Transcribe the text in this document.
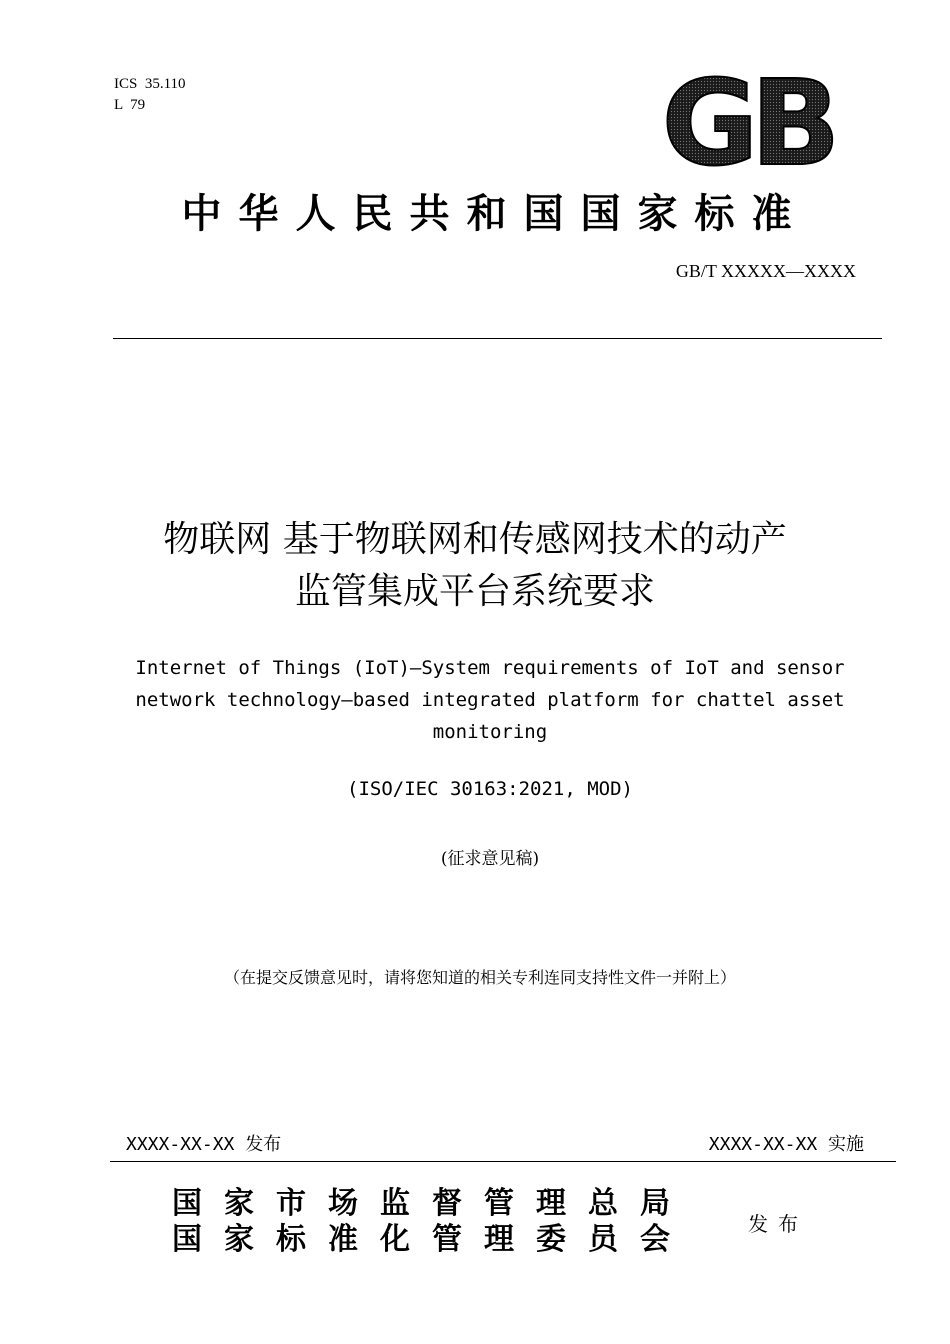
ICS  35.110
L  79	GB
中华人民共和国国家标准
GB/T XXXXX—XXXX
物联网 基于物联网和传感网技术的动产
监管集成平台系统要求
Internet of Things (IoT)—System requirements of IoT and sensor
network technology—based integrated platform for chattel asset
monitoring
(ISO/IEC 30163:2021, MOD)
(征求意见稿)
（在提交反馈意见时，请将您知道的相关专利连同支持性文件一并附上）
XXXX-XX-XX 发布	XXXX-XX-XX 实施
国家市场监督管理总局
国家标准化管理委员会	发布
